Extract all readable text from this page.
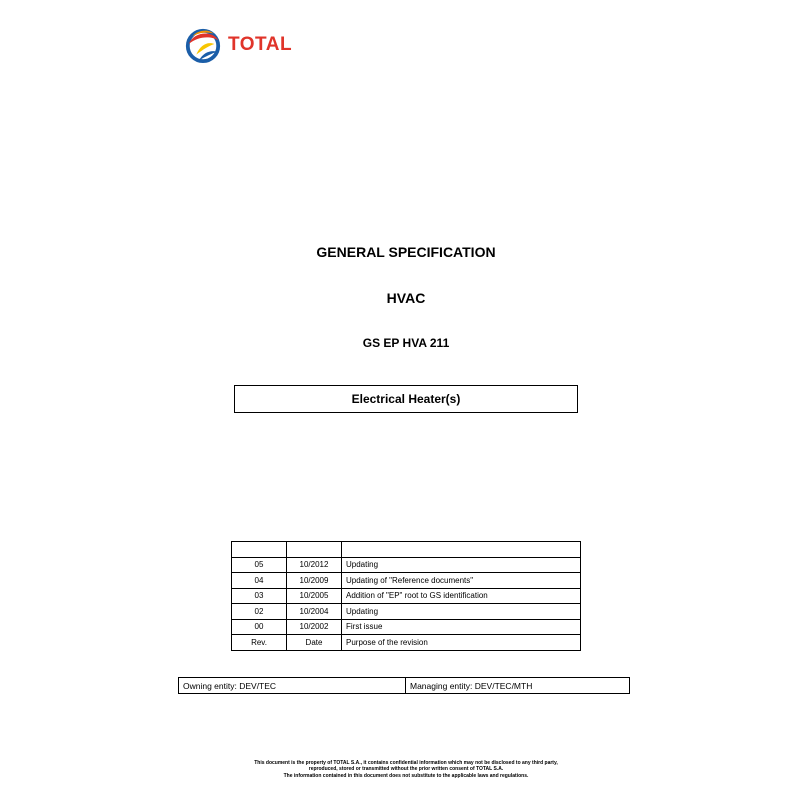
TOTAL
GENERAL SPECIFICATION
HVAC
GS EP HVA 211
Electrical Heater(s)

05	10/2012	Updating
04	10/2009	Updating of "Reference documents"
03	10/2005	Addition of "EP" root to GS identification
02	10/2004	Updating
00	10/2002	First issue
Rev.	Date	Purpose of the revision
Owning entity: DEV/TEC	Managing entity: DEV/TEC/MTH
This document is the property of TOTAL S.A., it contains confidential information which may not be disclosed to any third party,
reproduced, stored or transmitted without the prior written consent of TOTAL S.A.
The information contained in this document does not substitute to the applicable laws and regulations.
